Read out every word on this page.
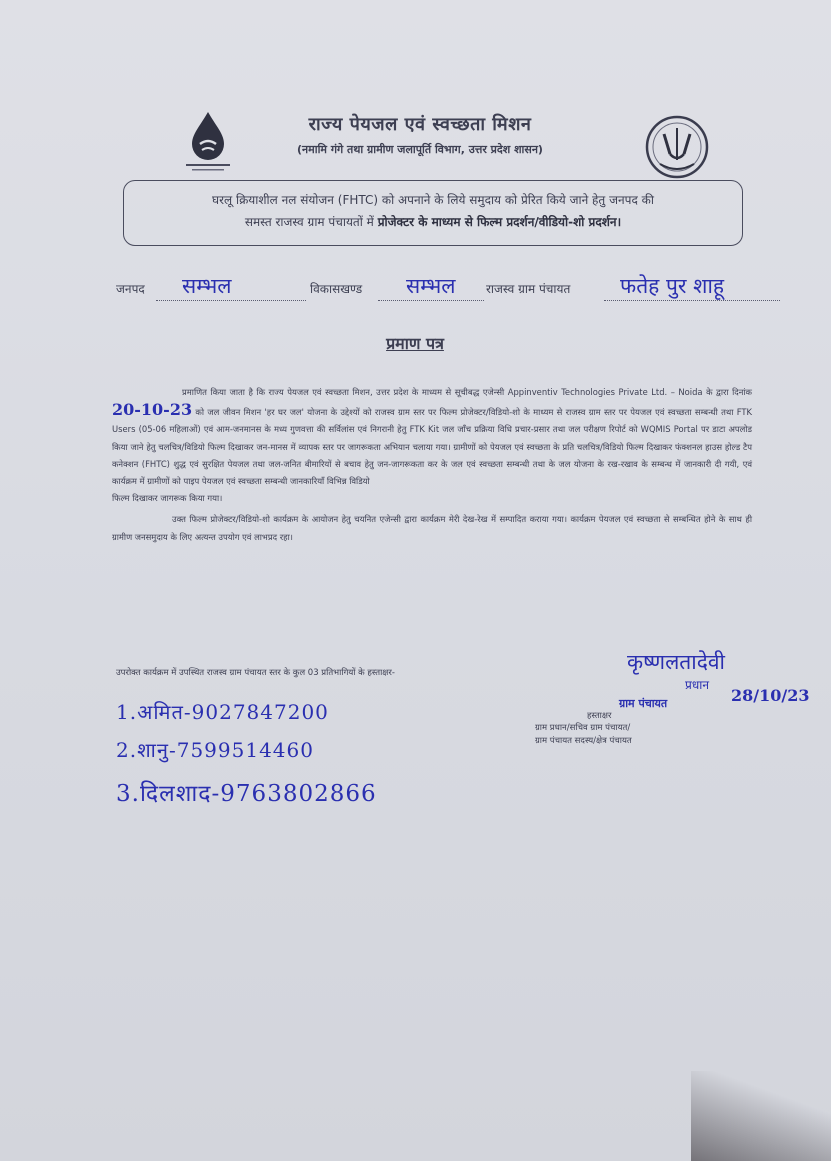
राज्य पेयजल एवं स्वच्छता मिशन
(नमामि गंगे तथा ग्रामीण जलापूर्ति विभाग, उत्तर प्रदेश शासन)
घरलू क्रियाशील नल संयोजन (FHTC) को अपनाने के लिये समुदाय को प्रेरित किये जाने हेतु जनपद की
समस्त राजस्व ग्राम पंचायतों में प्रोजेक्टर के माध्यम से फिल्म प्रदर्शन/वीडियो-शो प्रदर्शन।
जनपद सम्भल	विकासखण्ड सम्भल	राजस्व ग्राम पंचायत फतेह पुर शाहू
प्रमाण पत्र

प्रमाणित किया जाता है कि राज्य पेयजल एवं स्वच्छता मिशन, उत्तर प्रदेश के माध्यम से सूचीबद्ध एजेन्सी Appinventiv Technologies Private Ltd. – Noida के द्वारा दिनांक 20-10-23 को जल जीवन मिशन 'हर घर जल' योजना के उद्देश्यों को राजस्व ग्राम स्तर पर फिल्म प्रोजेक्टर/विडियो-शो के माध्यम से राजस्व ग्राम स्तर पर पेयजल एवं स्वच्छता सम्बन्धी तथा FTK Users (05-06 महिलाओं) एवं आम-जनमानस के मध्य गुणवत्ता की सर्विलांस एवं निगरानी हेतु FTK Kit जल जाँच प्रक्रिया विधि प्रचार-प्रसार तथा जल परीक्षण रिपोर्ट को WQMIS Portal पर डाटा अपलोड किया जाने हेतु चलचित्र/विडियो फिल्म दिखाकर जन-मानस में व्यापक स्तर पर जागरूकता अभियान चलाया गया। ग्रामीणों को पेयजल एवं स्वच्छता के प्रति चलचित्र/विडियो फिल्म दिखाकर फंक्शनल हाउस होल्ड टैप कनेक्शन (FHTC) शुद्ध एवं सुरक्षित पेयजल तथा जल-जनित बीमारियों से बचाव हेतु जन-जागरूकता कर के जल एवं स्वच्छता सम्बन्धी तथा के जल योजना के रख-रखाव के सम्बन्ध में जानकारी दी गयी, एवं कार्यक्रम में ग्रामीणों को पाइप पेयजल एवं स्वच्छता सम्बन्धी जानकारियाँ विभिन्न विडियो

फिल्म दिखाकर जागरूक किया गया।

उक्त फिल्म प्रोजेक्टर/विडियो-शो कार्यक्रम के आयोजन हेतु चयनित एजेन्सी द्वारा कार्यक्रम मेरी देख-रेख में सम्पादित कराया गया। कार्यक्रम पेयजल एवं स्वच्छता से सम्बन्धित होने के साथ ही ग्रामीण जनसमुदाय के लिए अत्यन्त उपयोग एवं लाभप्रद रहा।

उपरोक्त कार्यक्रम में उपस्थित राजस्व ग्राम पंचायत स्तर के कुल 03 प्रतिभागियों के हस्ताक्षर-
1.अमित-9027847200
2.शानु-7599514460
3.दिलशाद-9763802866
कृष्णलतादेवी
प्रधान
28/10/23
ग्राम पंचायत
हस्ताक्षर
ग्राम प्रधान/सचिव ग्राम पंचायत/
ग्राम पंचायत सदस्य/क्षेत्र पंचायत
